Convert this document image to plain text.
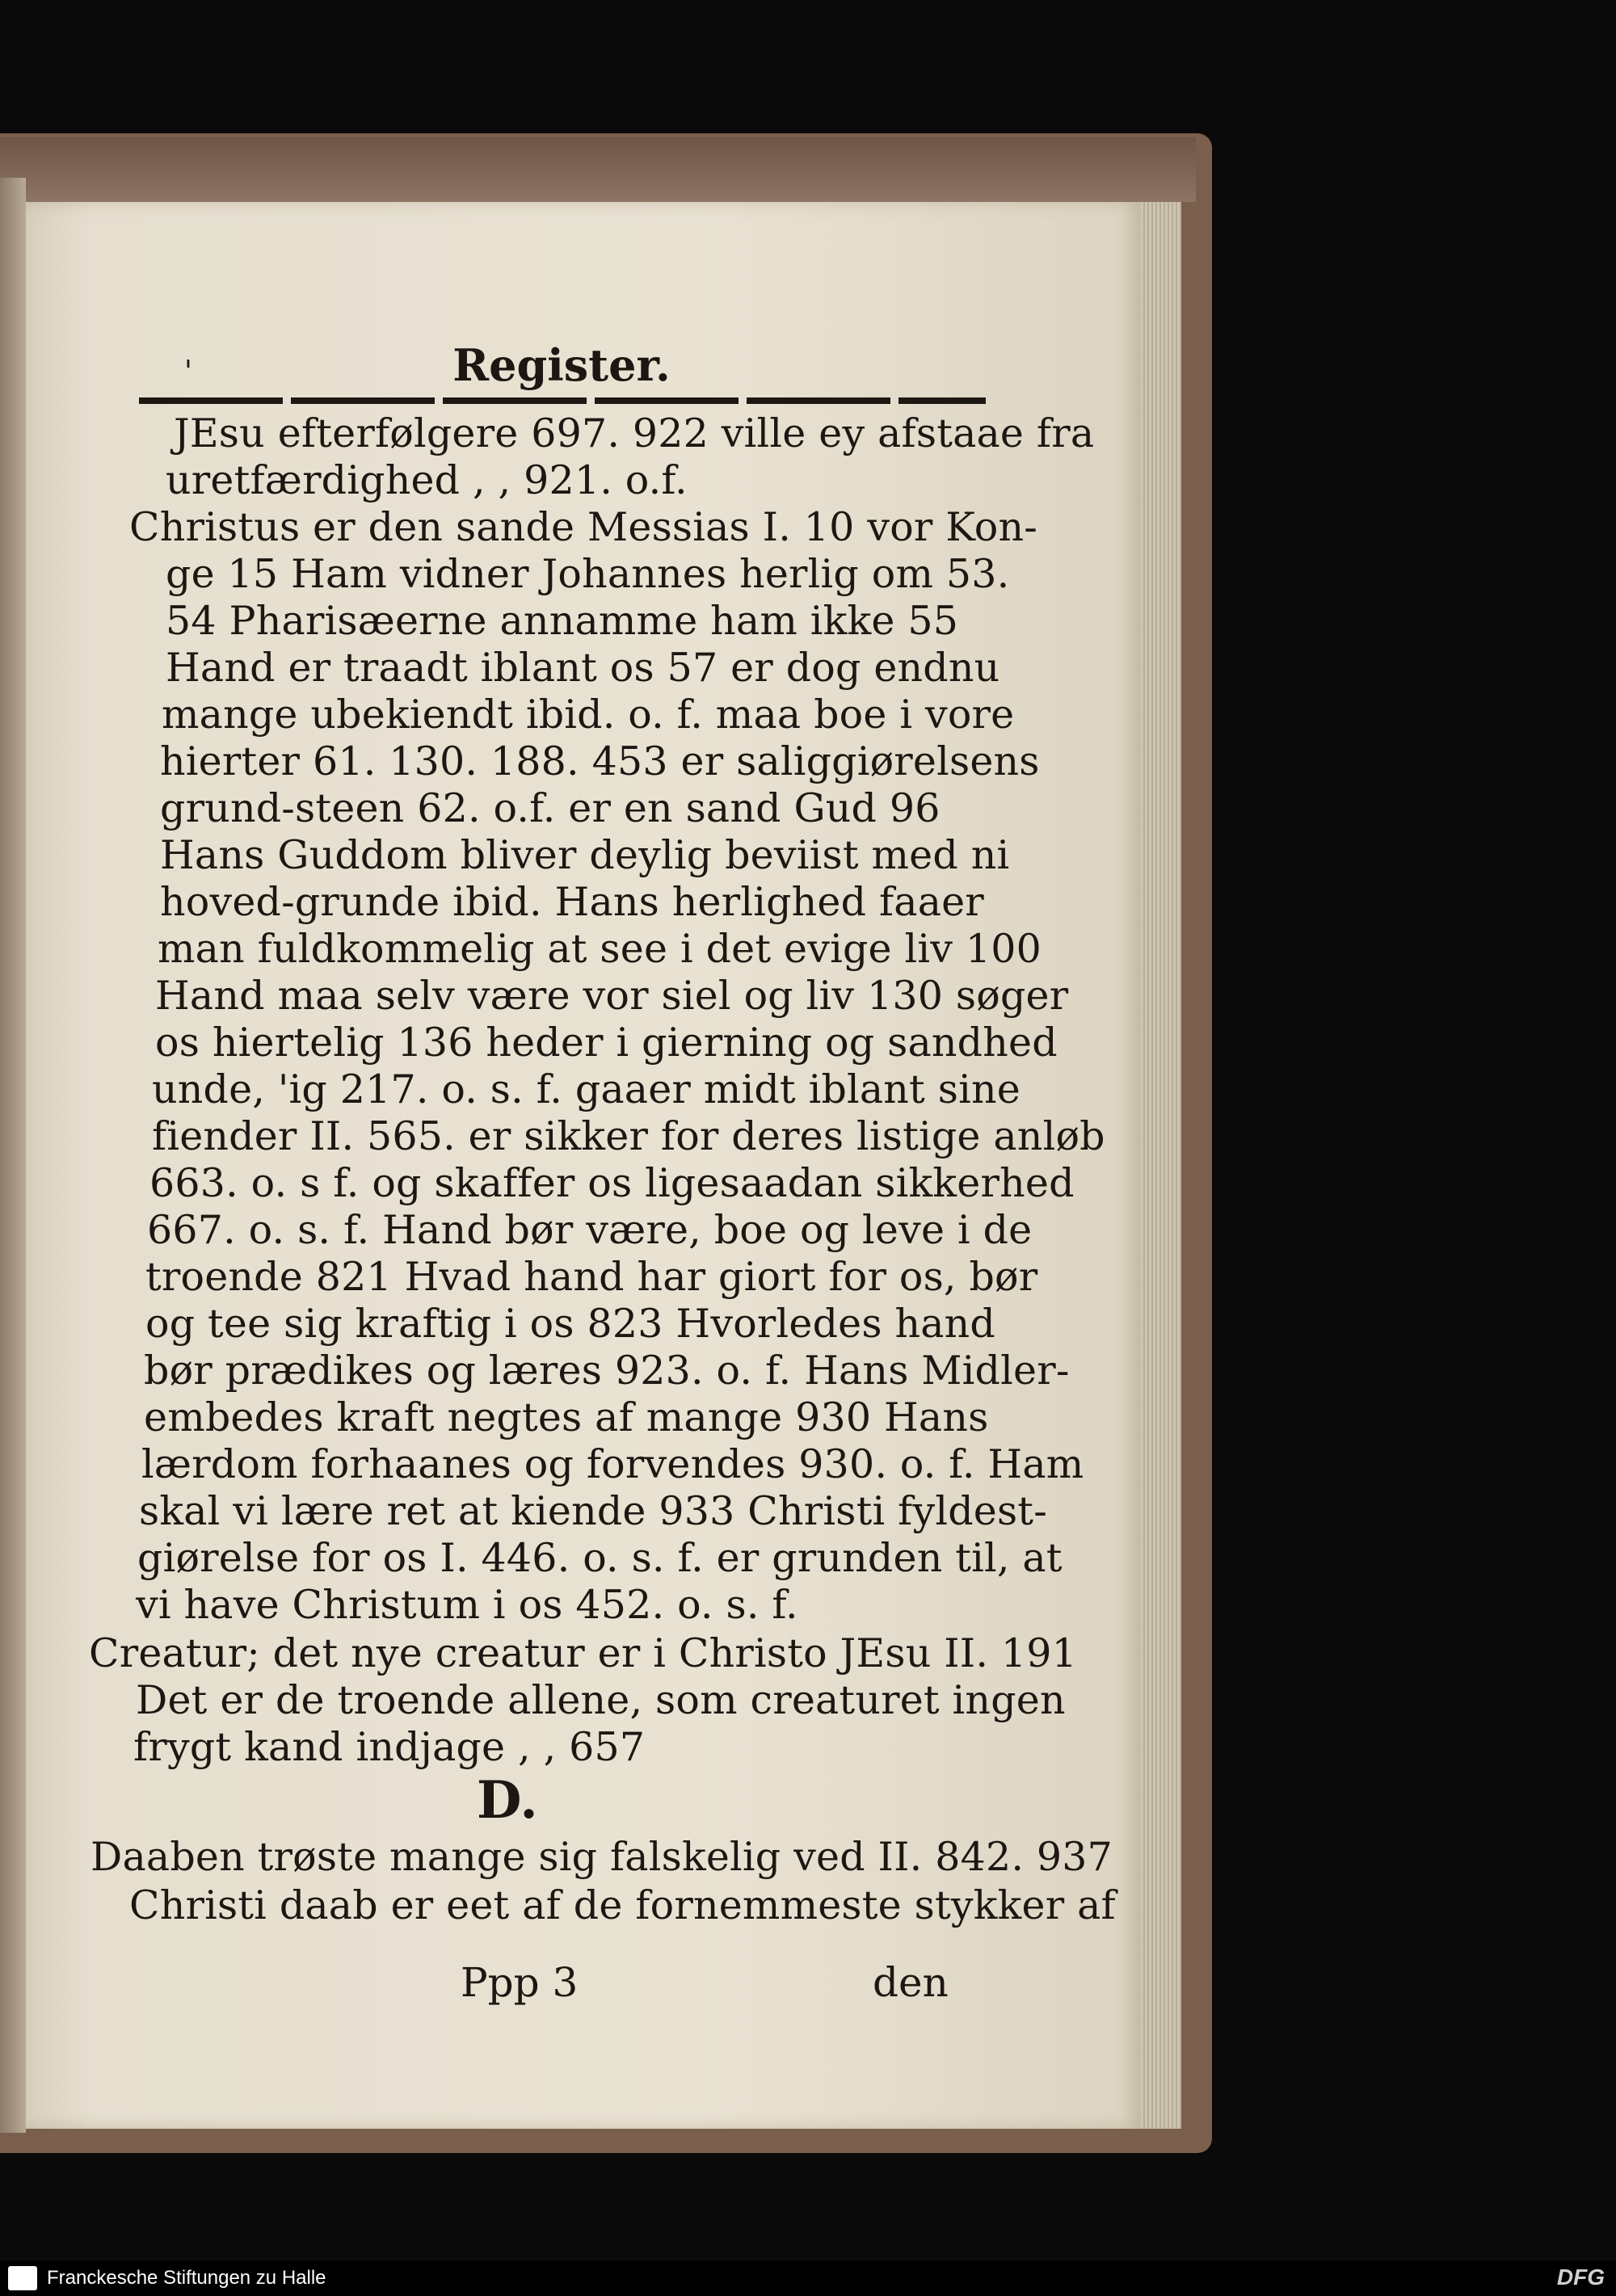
'	Register.
JEsu efterfølgere 697. 922 ville ey afstaae fra
uretfærdighed , , 921. o.f.
Christus er den sande Messias I. 10 vor Kon-
ge 15 Ham vidner Johannes herlig om 53.
54 Pharisæerne annamme ham ikke 55
Hand er traadt iblant os 57 er dog endnu
mange ubekiendt ibid. o. f. maa boe i vore
hierter 61. 130. 188. 453 er saliggiørelsens
grund-steen 62. o.f. er en sand Gud 96
Hans Guddom bliver deylig beviist med ni
hoved-grunde ibid. Hans herlighed faaer
man fuldkommelig at see i det evige liv 100
Hand maa selv være vor siel og liv 130 søger
os hiertelig 136 heder i gierning og sandhed
unde, 'ig 217. o. s. f. gaaer midt iblant sine
fiender II. 565. er sikker for deres listige anløb
663. o. s f. og skaffer os ligesaadan sikkerhed
667. o. s. f. Hand bør være, boe og leve i de
troende 821 Hvad hand har giort for os, bør
og tee sig kraftig i os 823 Hvorledes hand
bør prædikes og læres 923. o. f. Hans Midler-
embedes kraft negtes af mange 930 Hans
lærdom forhaanes og forvendes 930. o. f. Ham
skal vi lære ret at kiende 933 Christi fyldest-
giørelse for os I. 446. o. s. f. er grunden til, at
vi have Christum i os 452. o. s. f.
Creatur; det nye creatur er i Christo JEsu II. 191
Det er de troende allene, som creaturet ingen
frygt kand indjage , , 657
D.
Daaben trøste mange sig falskelig ved II. 842. 937
Christi daab er eet af de fornemmeste stykker af
Ppp 3	den
Franckesche Stiftungen zu Halle	DFG
